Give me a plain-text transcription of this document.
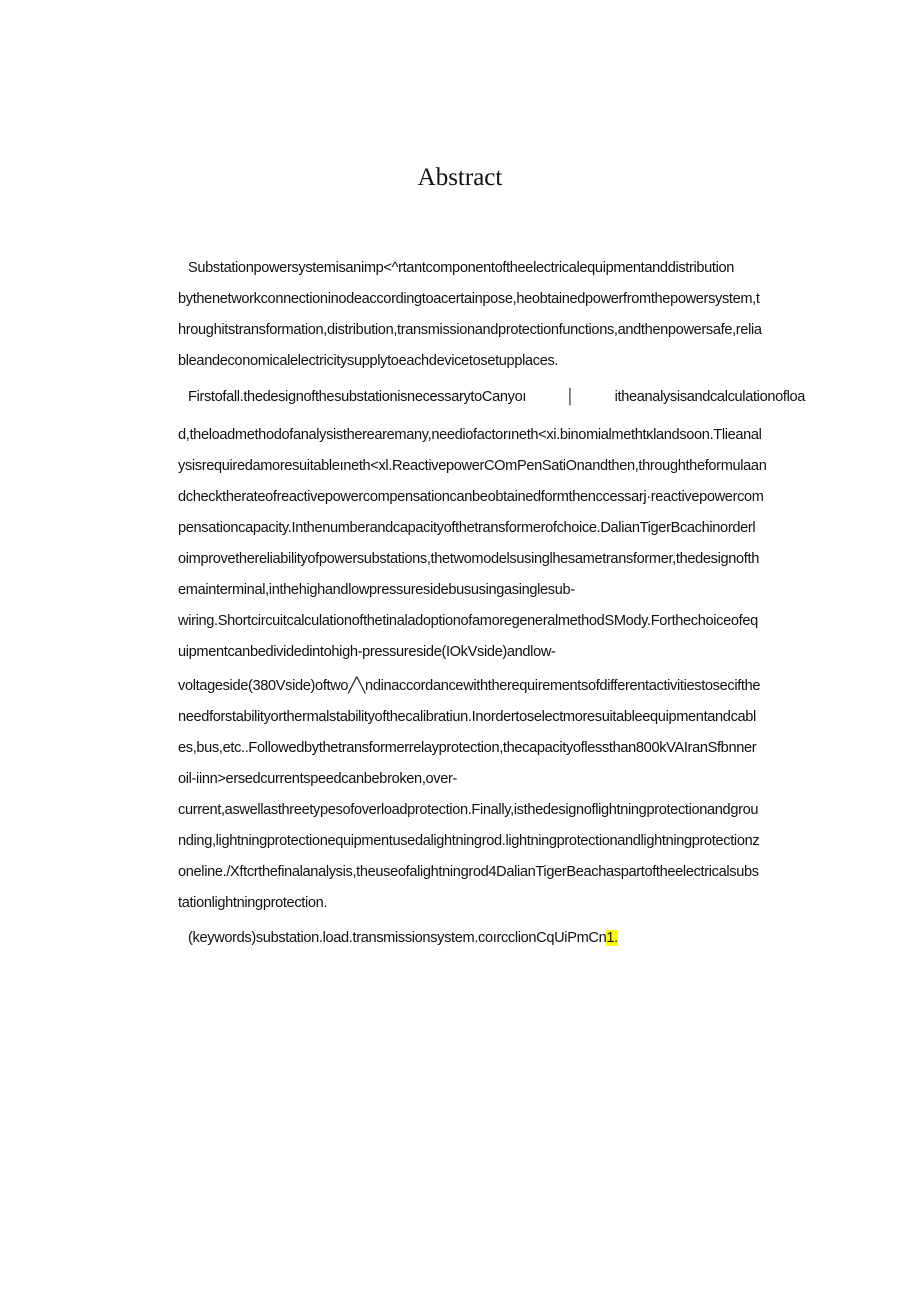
Abstract
Substationpowersystemisanimp<^rtantcomponentoftheelectricalequipmentanddistribution
bythenetworkconnectioninodeaccordingtoacertainpose,heobtainedpowerfromthepowersystem,t
hroughitstransformation,distribution,transmissionandprotectionfunctions,andthenpowersafe,relia
bleandeconomicalelectricitysupplytoeachdevicetosetupplaces.
Firstofall.thedesignofthesubstationisnecessarytoCanyoı │ itheanalysisandcalculationofloa
d,theloadmethodofanalysistherearemany,neediofactorıneth<xi.binomialmethtκlandsoon.Tlieanal
ysisrequiredamoresuitableıneth<xl.ReactivepowerCOmPenSatiOnandthen,throughtheformulaan
dchecktherateofreactivepowercompensationcanbeobtainedformthenccessarj·reactivepowercom
pensationcapacity.Inthenumberandcapacityofthetransformerofchoice.DalianTigerBcachinorderl
oimprovethereliabilityofpowersubstations,thetwomodelsusinglhesametransformer,thedesignofth
emainterminal,inthehighandlowpressuresidebususingasinglesub-
wiring.ShortcircuitcalculationofthetinaladoptionofamoregeneralmethodSMody.Forthechoiceofeq
uipmentcanbedividedintohigh-pressureside(IOkVside)andlow-
voltageside(380Vside)oftwo╱╲ndinaccordancewiththerequirementsofdifferentactivitiestosecifthe
needforstabilityorthermalstabilityofthecalibratiun.Inordertoselectmoresuitableequipmentandcabl
es,bus,etc..Followedbythetransformerrelayprotection,thecapacityoflessthan800kVAIranSfbnner
oil-iinn>ersedcurrentspeedcanbebroken,over-
current,aswellasthreetypesofoverloadprotection.Finally,isthedesignoflightningprotectionandgrou
nding,lightningprotectionequipmentusedalightningrod.lightningprotectionandlightningprotectionz
oneline./Xftcrthefinalanalysis,theuseofalightningrod4DalianTigerBeachaspartoftheelectricalsubs
tationlightningprotection.
(keywords)substation.load.transmissionsystem.coırcclionCqUiPmCn1.
